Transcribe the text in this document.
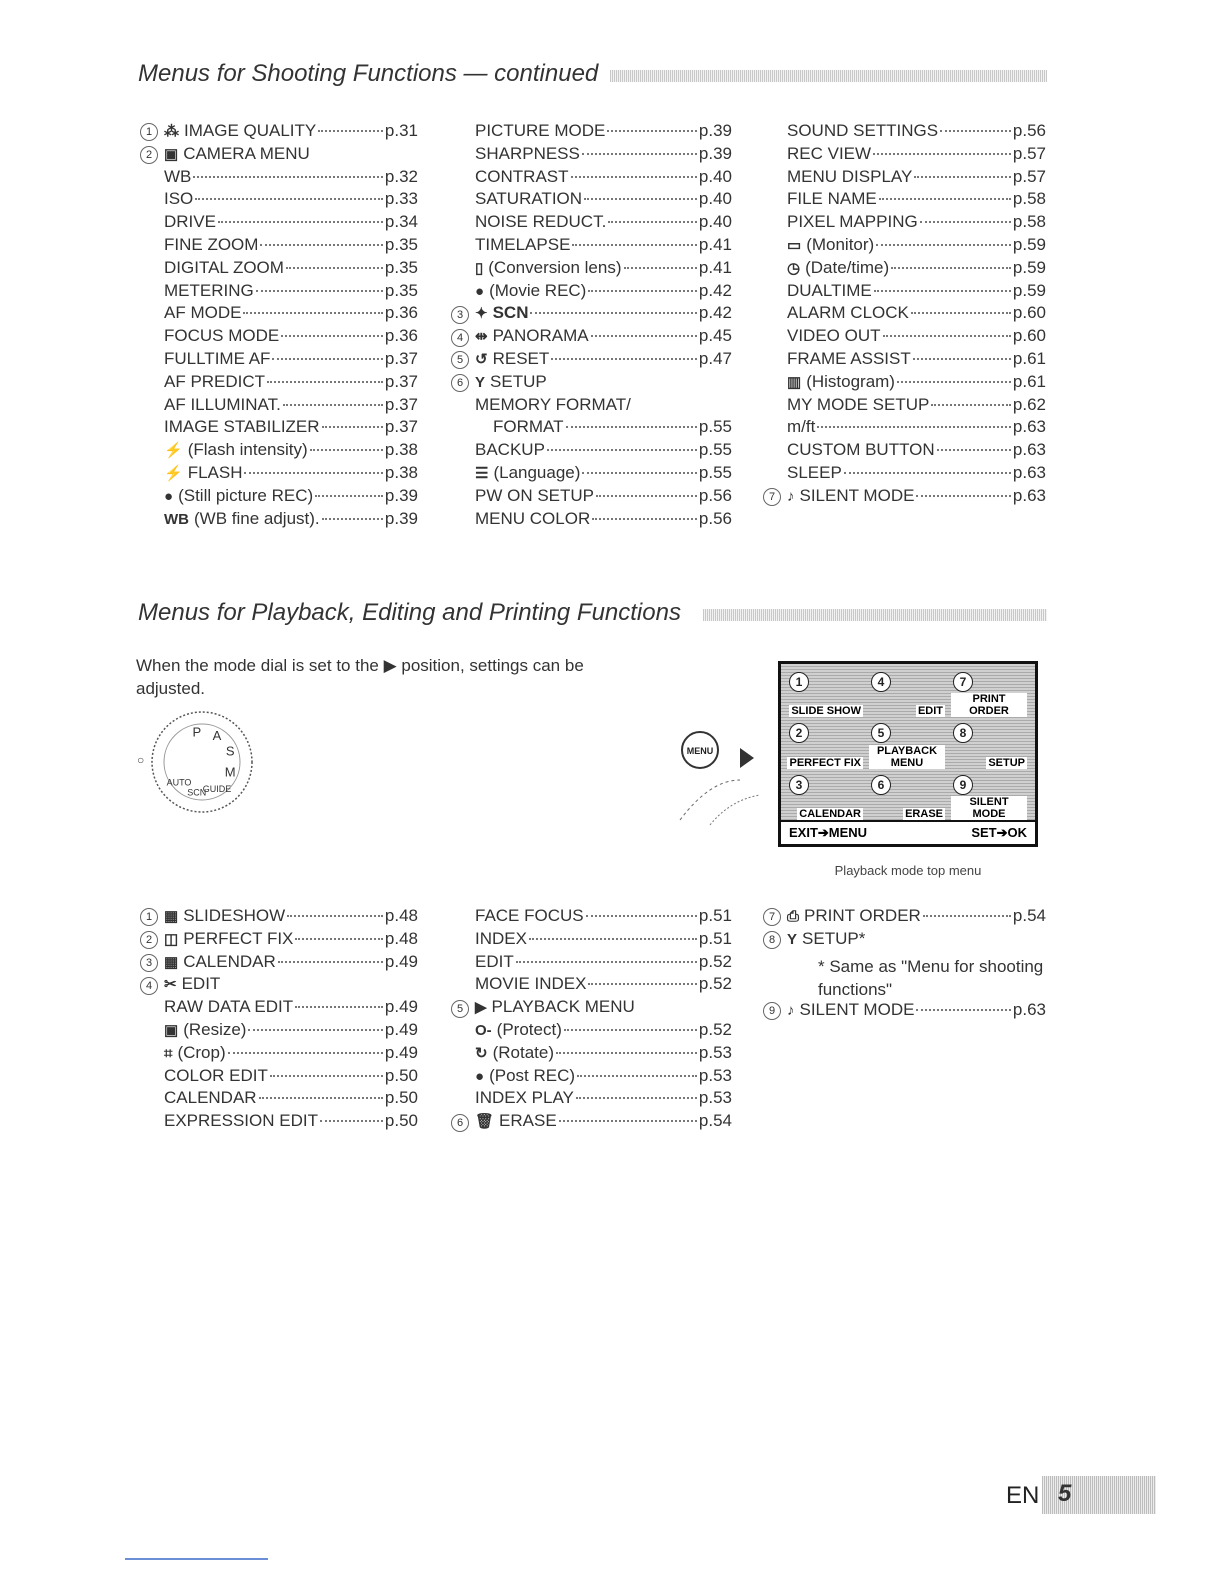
Menus for Shooting Functions — continued
1 ⁂ IMAGE QUALITY	p.31
2 ▣ CAMERA MENU
WB	p.32
ISO	p.33
DRIVE	p.34
FINE ZOOM	p.35
DIGITAL ZOOM	p.35
METERING	p.35
AF MODE	p.36
FOCUS MODE	p.36
FULLTIME AF	p.37
AF PREDICT	p.37
AF ILLUMINAT.	p.37
IMAGE STABILIZER	p.37
⚡ (Flash intensity)	p.38
⚡ FLASH	p.38
● (Still picture REC)	p.39
WB (WB fine adjust).	p.39
PICTURE MODE	p.39
SHARPNESS	p.39
CONTRAST	p.40
SATURATION	p.40
NOISE REDUCT.	p.40
TIMELAPSE	p.41
▯ (Conversion lens)	p.41
● (Movie REC)	p.42
3 ✦ SCN	p.42
4 ⇹ PANORAMA	p.45
5 ↺ RESET	p.47
6 Y SETUP
MEMORY FORMAT/
FORMAT	p.55
BACKUP	p.55
☰ (Language)	p.55
PW ON SETUP	p.56
MENU COLOR	p.56
SOUND SETTINGS	p.56
REC VIEW	p.57
MENU DISPLAY	p.57
FILE NAME	p.58
PIXEL MAPPING	p.58
▭ (Monitor)	p.59
◷ (Date/time)	p.59
DUALTIME	p.59
ALARM CLOCK	p.60
VIDEO OUT	p.60
FRAME ASSIST	p.61
▥ (Histogram)	p.61
MY MODE SETUP	p.62
m/ft	p.63
CUSTOM BUTTON	p.63
SLEEP	p.63
7 ♪ SILENT MODE	p.63
Menus for Playback, Editing and Printing Functions
When the mode dial is set to the ▶ position, settings can be adjusted.
○
P A
S
M
AUTO
SCN
GUIDE
MENU
1
SLIDE SHOW
4
EDIT
7
PRINT ORDER
2
PERFECT FIX
5
PLAYBACK MENU
8
SETUP
3
CALENDAR
6
ERASE
9
SILENT MODE
EXIT➔MENU	SET➔OK
Playback mode top menu
1 ▦ SLIDESHOW	p.48
2 ◫ PERFECT FIX	p.48
3 ▦ CALENDAR	p.49
4 ✂ EDIT
RAW DATA EDIT	p.49
▣ (Resize)	p.49
⌗ (Crop)	p.49
COLOR EDIT	p.50
CALENDAR	p.50
EXPRESSION EDIT	p.50
FACE FOCUS	p.51
INDEX	p.51
EDIT	p.52
MOVIE INDEX	p.52
5 ▶ PLAYBACK MENU
О- (Protect)	p.52
↻ (Rotate)	p.53
● (Post REC)	p.53
INDEX PLAY	p.53
6 🗑 ERASE	p.54
7 ⎙ PRINT ORDER	p.54
8 Y SETUP*
* Same as "Menu for shooting functions"
9 ♪ SILENT MODE	p.63
EN 5
